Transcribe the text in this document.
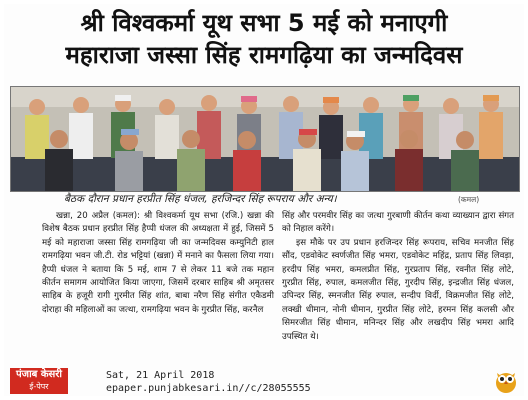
श्री विश्वकर्मा यूथ सभा 5 मई को मनाएगी
महाराजा जस्सा सिंह रामगढ़िया का जन्मदिवस
बैठक दौरान प्रधान हरप्रीत सिंह धंजल, हरजिन्दर सिंह रूपराय और अन्य।	(कमल)

खन्ना, 20 अप्रैल (कमल): श्री विश्वकर्मा यूथ सभा (रजि.) खन्ना की विशेष बैठक प्रधान हरप्रीत सिंह हैप्पी धंजल की अध्यक्षता में हुई, जिसमें 5 मई को महाराजा जस्सा सिंह रामगढ़िया जी का जन्मदिवस कम्युनिटी हाल रामगढ़िया भवन जी.टी. रोड भट्टियां (खन्ना) में मनाने का फैसला लिया गया। हैप्पी धंजल ने बताया कि 5 मई, शाम 7 से लेकर 11 बजे तक महान कीर्तन समागम आयोजित किया जाएगा, जिसमें दरबार साहिब श्री अमृतसर साहिब के हजूरी रागी गुरमीत सिंह शांत, बाबा नरैण सिंह संगीत एकैडमी दोराहा की महिलाओं का जत्था, रामगढ़िया भवन के गुरप्रीत सिंह, करनैल

सिंह और परमवीर सिंह का जत्था गुरबाणी कीर्तन कथा व्याख्यान द्वारा संगत को निहाल करेंगे।

इस मौके पर उप प्रधान हरजिन्दर सिंह रूपराय, सचिव मनजीत सिंह सौंद, एडवोकेट स्वर्णजीत सिंह भमरा, एडवोकेट महिंद्र, प्रताप सिंह लिवड़ा, हरदीप सिंह भमरा, कमलप्रीत सिंह, गुरप्रताप सिंह, रवनीत सिंह लोटे, गुरप्रीत सिंह, रुपाल, कमलजीत सिंह, गुरदीप सिंह, इन्द्रजीत सिंह धंजल, उपिन्दर सिंह, स्मनजीत सिंह रुपाल, सन्दीप विर्दी, विक्रमजीत सिंह लोटे, लक्खी धीमान, नोनी धीमान, गुरप्रीत सिंह लोटे, हरमन सिंह कलसी और सिमरजीत सिंह धीमान, मनिन्दर सिंह और लखदीप सिंह भमरा आदि उपस्थित थे।

पंजाब केसरी
ई-पेपर
Sat, 21 April 2018
epaper.punjabkesari.in//c/28055555
